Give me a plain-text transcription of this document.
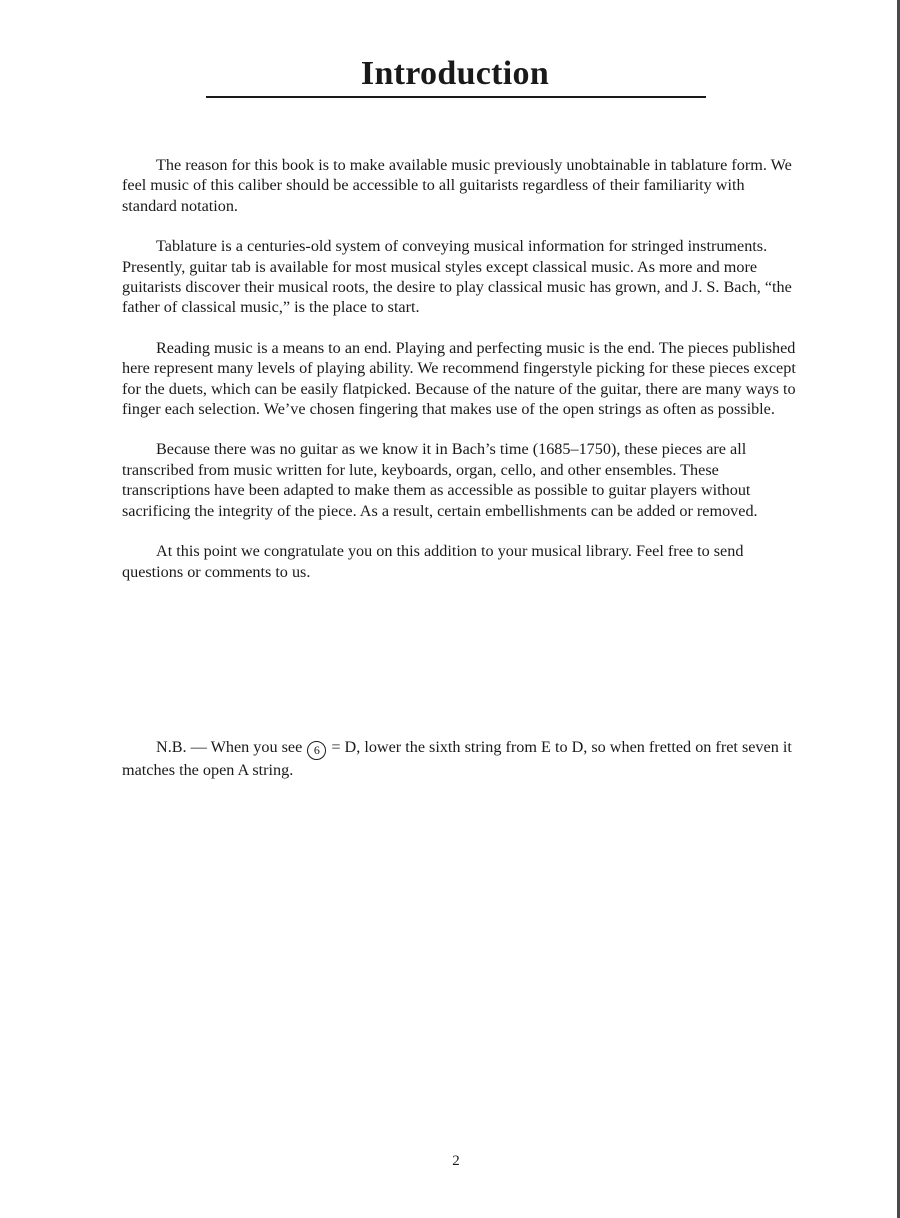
Introduction

The reason for this book is to make available music previously unobtainable in tablature form. We feel music of this caliber should be accessible to all guitarists regardless of their familiarity with standard notation.

Tablature is a centuries-old system of conveying musical information for stringed instruments. Presently, guitar tab is available for most musical styles except classical music. As more and more guitarists discover their musical roots, the desire to play classical music has grown, and J. S. Bach, “the father of classical music,” is the place to start.

Reading music is a means to an end. Playing and perfecting music is the end. The pieces published here represent many levels of playing ability. We recommend fingerstyle picking for these pieces except for the duets, which can be easily flatpicked. Because of the nature of the guitar, there are many ways to finger each selection. We’ve chosen fingering that makes use of the open strings as often as possible.

Because there was no guitar as we know it in Bach’s time (1685–1750), these pieces are all transcribed from music written for lute, keyboards, organ, cello, and other ensembles. These transcriptions have been adapted to make them as accessible as possible to guitar players without sacrificing the integrity of the piece. As a result, certain embellishments can be added or removed.

At this point we congratulate you on this addition to your musical library. Feel free to send questions or comments to us.

N.B. — When you see 6 = D, lower the sixth string from E to D, so when fretted on fret seven it matches the open A string.

2
